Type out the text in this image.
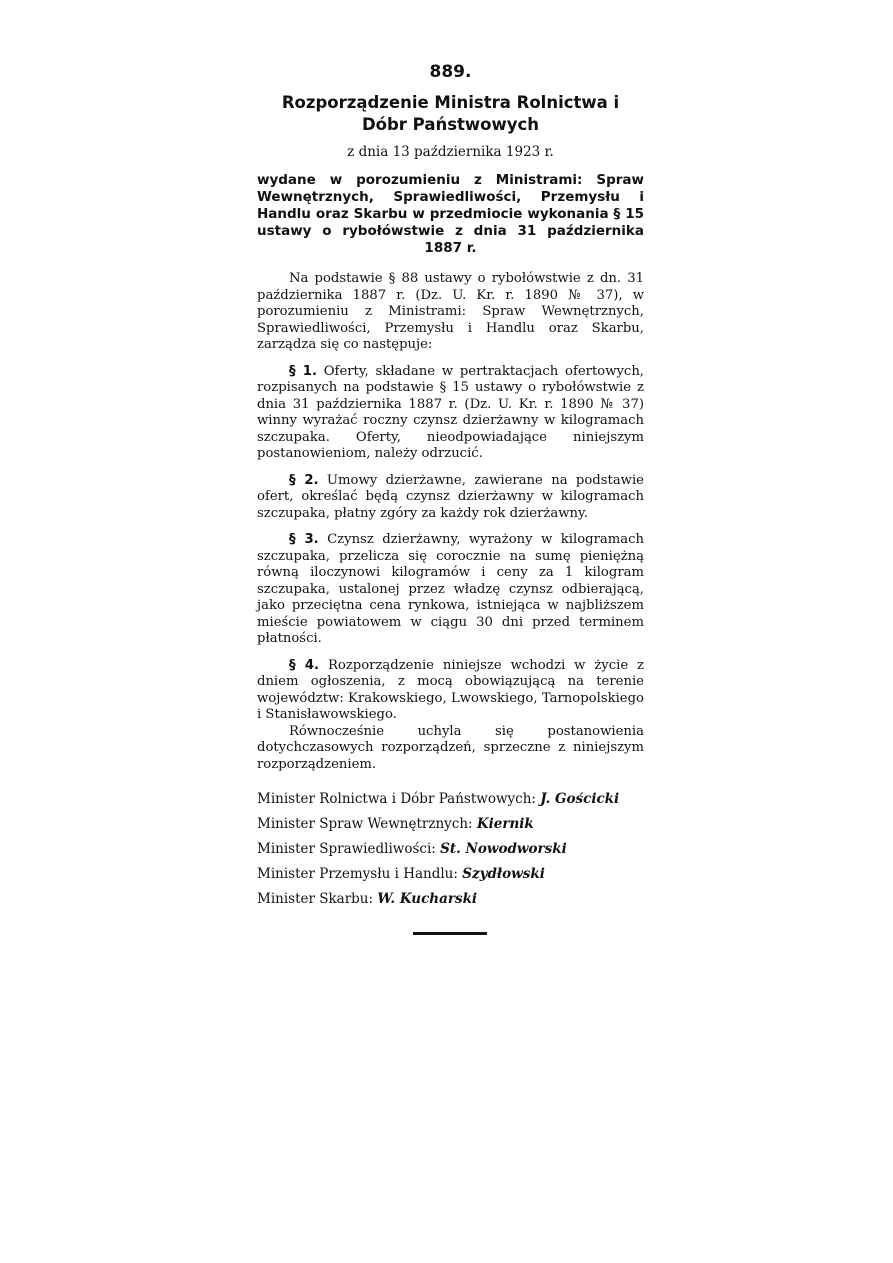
889.
Rozporządzenie Ministra Rolnictwa i Dóbr Państwowych
z dnia 13 października 1923 r.
wydane w porozumieniu z Ministrami: Spraw Wewnętrznych, Sprawiedliwości, Przemysłu i Handlu oraz Skarbu w przedmiocie wykonania § 15 ustawy o rybołówstwie z dnia 31 października 1887 r.

Na podstawie § 88 ustawy o rybołówstwie z dn. 31 października 1887 r. (Dz. U. Kr. r. 1890 № 37), w porozumieniu z Ministrami: Spraw Wewnętrznych, Sprawiedliwości, Przemysłu i Handlu oraz Skarbu, zarządza się co następuje:

§ 1. Oferty, składane w pertraktacjach ofertowych, rozpisanych na podstawie § 15 ustawy o rybołówstwie z dnia 31 października 1887 r. (Dz. U. Kr. r. 1890 № 37) winny wyrażać roczny czynsz dzierżawny w kilogramach szczupaka. Oferty, nieodpowiadające niniejszym postanowieniom, należy odrzucić.

§ 2. Umowy dzierżawne, zawierane na podstawie ofert, określać będą czynsz dzierżawny w kilogramach szczupaka, płatny zgóry za każdy rok dzierżawny.

§ 3. Czynsz dzierżawny, wyrażony w kilogramach szczupaka, przelicza się corocznie na sumę pieniężną równą iloczynowi kilogramów i ceny za 1 kilogram szczupaka, ustalonej przez władzę czynsz odbierającą, jako przeciętna cena rynkowa, istniejąca w najbliższem mieście powiatowem w ciągu 30 dni przed terminem płatności.

§ 4. Rozporządzenie niniejsze wchodzi w życie z dniem ogłoszenia, z mocą obowiązującą na terenie województw: Krakowskiego, Lwowskiego, Tarnopolskiego i Stanisławowskiego.

Równocześnie uchyla się postanowienia dotychczasowych rozporządzeń, sprzeczne z niniejszym rozporządzeniem.

Minister Rolnictwa i Dóbr Państwowych: J. Gościcki

Minister Spraw Wewnętrznych: Kiernik

Minister Sprawiedliwości: St. Nowodworski

Minister Przemysłu i Handlu: Szydłowski

Minister Skarbu: W. Kucharski
